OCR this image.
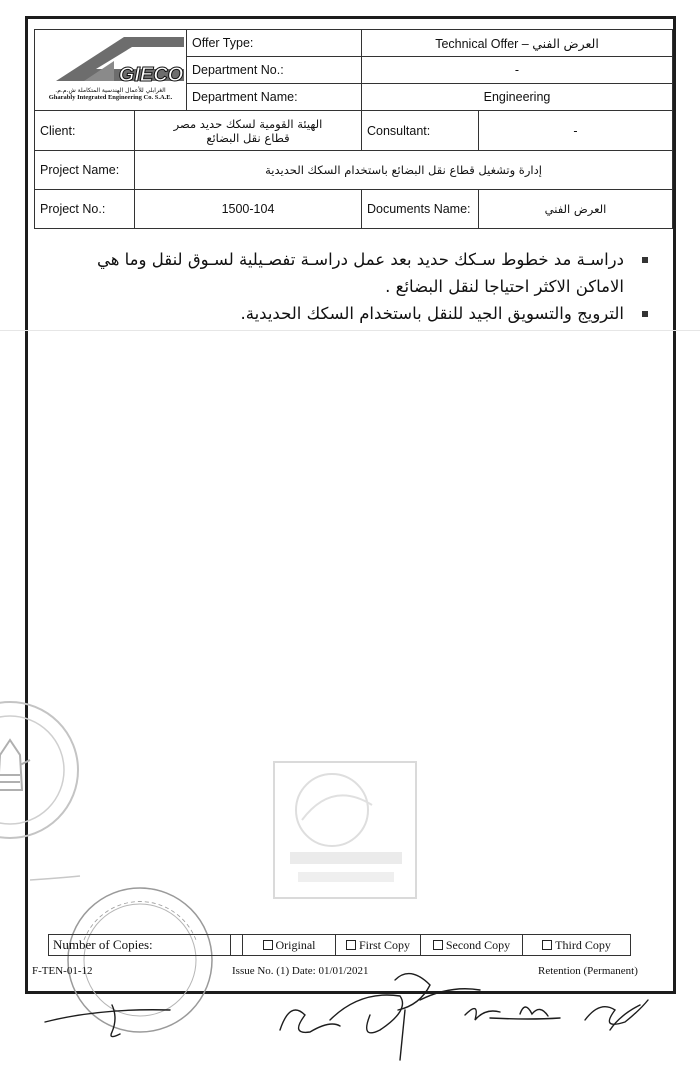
GIECO
الغرابلي للأعمال الهندسية المتكاملة ش.م.م.
Gharably Integrated Engineering Co. S.A.E.		Offer Type:	Technical Offer – العرض الفني	
		Department No.:	-	
		Department Name:	Engineering	
Client:	الهيئة القومية لسكك حديد مصر
قطاع نقل البضائع		Consultant:	-
Project Name:	إدارة وتشغيل قطاع نقل البضائع باستخدام السكك الحديدية			
Project No.:	1500-104		Documents Name:	العرض الفني
دراسـة مد خطوط سـكك حديد بعد عمل دراسـة تفصـيلية لسـوق لنقل وما هي الاماكن الاكثر احتياجا لنقل البضائع .
الترويج والتسويق الجيد للنقل باستخدام السكك الحديدية.
Number of Copies:		Original	First Copy	Second Copy	Third Copy
F-TEN-01-12	Issue No. (1) Date: 01/01/2021	Retention (Permanent)
